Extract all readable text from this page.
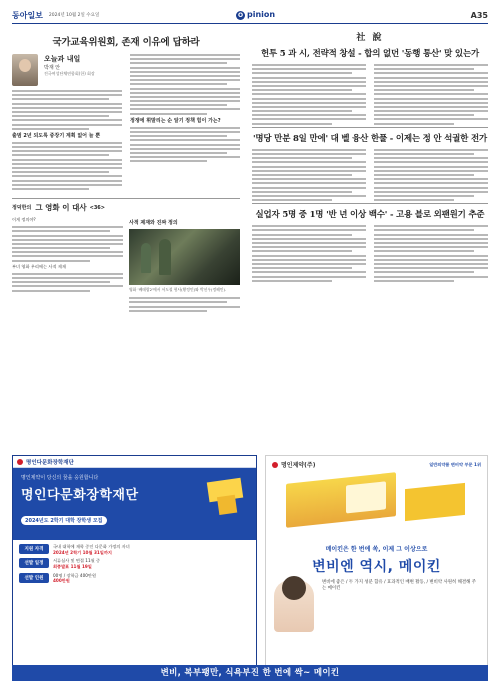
동아일보 2024년 10월 2일 수요일	O pinion	A35
국가교육위원회, 존재 이유에 답하라
오늘과 내일
박재 안
전국여성단체연합회(한) 회장
출범 2년 되도록 중장기 계획 없어 늘 뿐
정쟁에 휘말리는 순 알기 정책 힘이 가는?
정덕한의 그 영화 이 대사 <36>
이게 정의야?
부녀 영화 우리에는 사적 제재
사적 제재와 진짜 정의
영화 '베테랑2'에서 서도철 형사(황정민)와 박선우(정해인).
社 說
헌투 5 과 시, 전략적 창설 - 합의 없던 '동행 통산' 맞 있는가
'명당 만분 8일 만에' 대 벨 융산 한풀 - 이제는 정 안 석궐한 전가
실업자 5명 중 1명 '반 년 이상 백수' - 고용 블로 외팬원기 추준
명인다문화장학재단
명인제약이 당신의 꿈을 응원합니다
명인다문화장학재단
2024년도 2학기 대학 장학생 모집
지원 자격
국내 대학에 재학 중인 다문화 가정의 자녀
2024년 2학기 10월 31일까지
선발 일정
서류심사 및 면접 11월 중
최종발표 11월 19일
선발 인원
00명 / 장학금 400만원
400만원
명인제약(주)	일반의약품 변비약 부문 1위
메이킨은 한 번에 쏙, 이제 그 이상으로
변비엔 역시, 메이킨
변비에 좋은 / 두 가지 성분 함유 / 효과적인 배변 활동, / 변비약 사원히 해결해 주는 메이킨
변비, 복부팽만, 식욕부진 한 번에 싹~ 메이킨
